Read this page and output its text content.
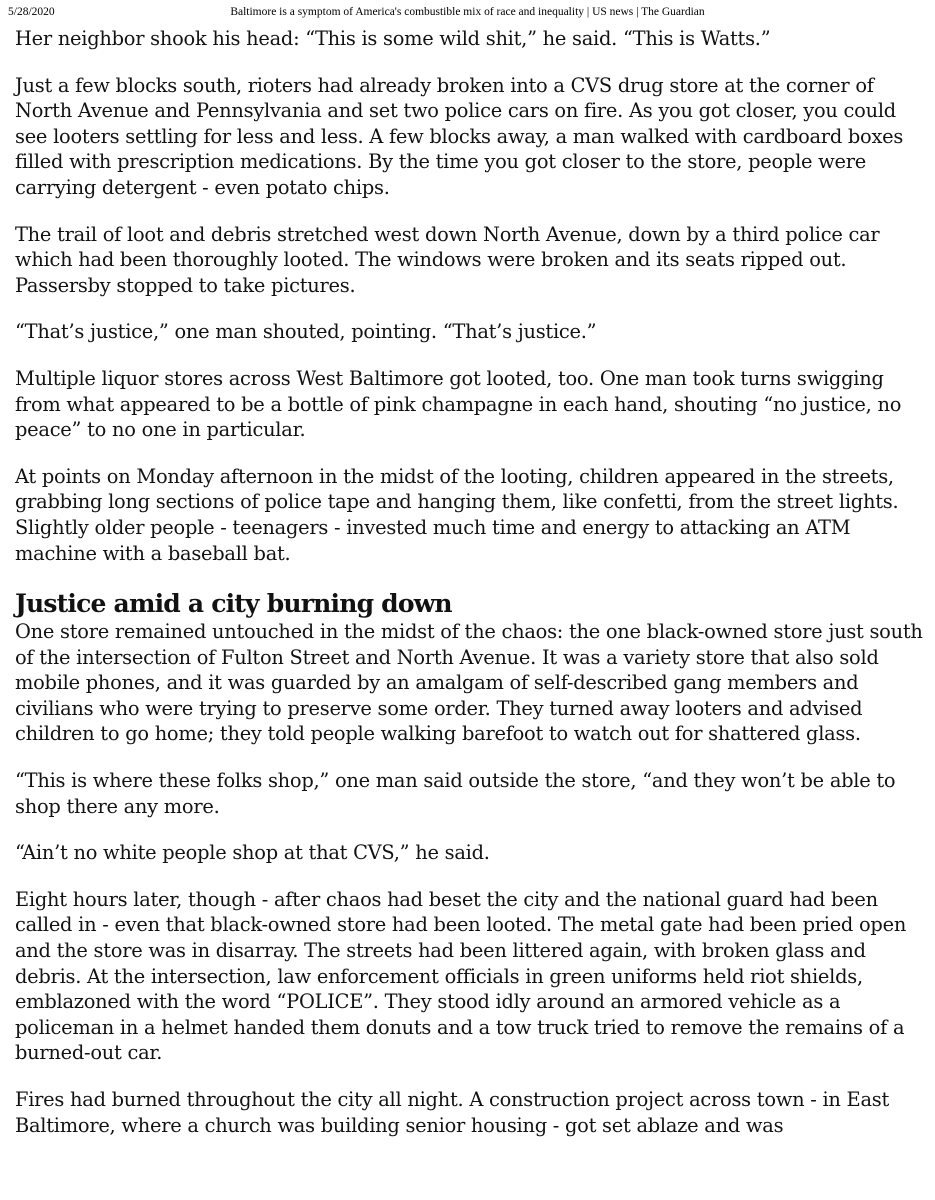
5/28/2020	Baltimore is a symptom of America's combustible mix of race and inequality | US news | The Guardian

Her neighbor shook his head: “This is some wild shit,” he said. “This is Watts.”

Just a few blocks south, rioters had already broken into a CVS drug store at the corner of North Avenue and Pennsylvania and set two police cars on fire. As you got closer, you could see looters settling for less and less. A few blocks away, a man walked with cardboard boxes filled with prescription medications. By the time you got closer to the store, people were carrying detergent - even potato chips.

The trail of loot and debris stretched west down North Avenue, down by a third police car which had been thoroughly looted. The windows were broken and its seats ripped out. Passersby stopped to take pictures.

“That’s justice,” one man shouted, pointing. “That’s justice.”

Multiple liquor stores across West Baltimore got looted, too. One man took turns swigging from what appeared to be a bottle of pink champagne in each hand, shouting “no justice, no peace” to no one in particular.

At points on Monday afternoon in the midst of the looting, children appeared in the streets, grabbing long sections of police tape and hanging them, like confetti, from the street lights. Slightly older people - teenagers - invested much time and energy to attacking an ATM machine with a baseball bat.

Justice amid a city burning down

One store remained untouched in the midst of the chaos: the one black-owned store just south of the intersection of Fulton Street and North Avenue. It was a variety store that also sold mobile phones, and it was guarded by an amalgam of self-described gang members and civilians who were trying to preserve some order. They turned away looters and advised children to go home; they told people walking barefoot to watch out for shattered glass.

“This is where these folks shop,” one man said outside the store, “and they won’t be able to shop there any more.

“Ain’t no white people shop at that CVS,” he said.

Eight hours later, though - after chaos had beset the city and the national guard had been called in - even that black-owned store had been looted. The metal gate had been pried open and the store was in disarray. The streets had been littered again, with broken glass and debris. At the intersection, law enforcement officials in green uniforms held riot shields, emblazoned with the word “POLICE”. They stood idly around an armored vehicle as a policeman in a helmet handed them donuts and a tow truck tried to remove the remains of a burned-out car.

Fires had burned throughout the city all night. A construction project across town - in East Baltimore, where a church was building senior housing - got set ablaze and was
